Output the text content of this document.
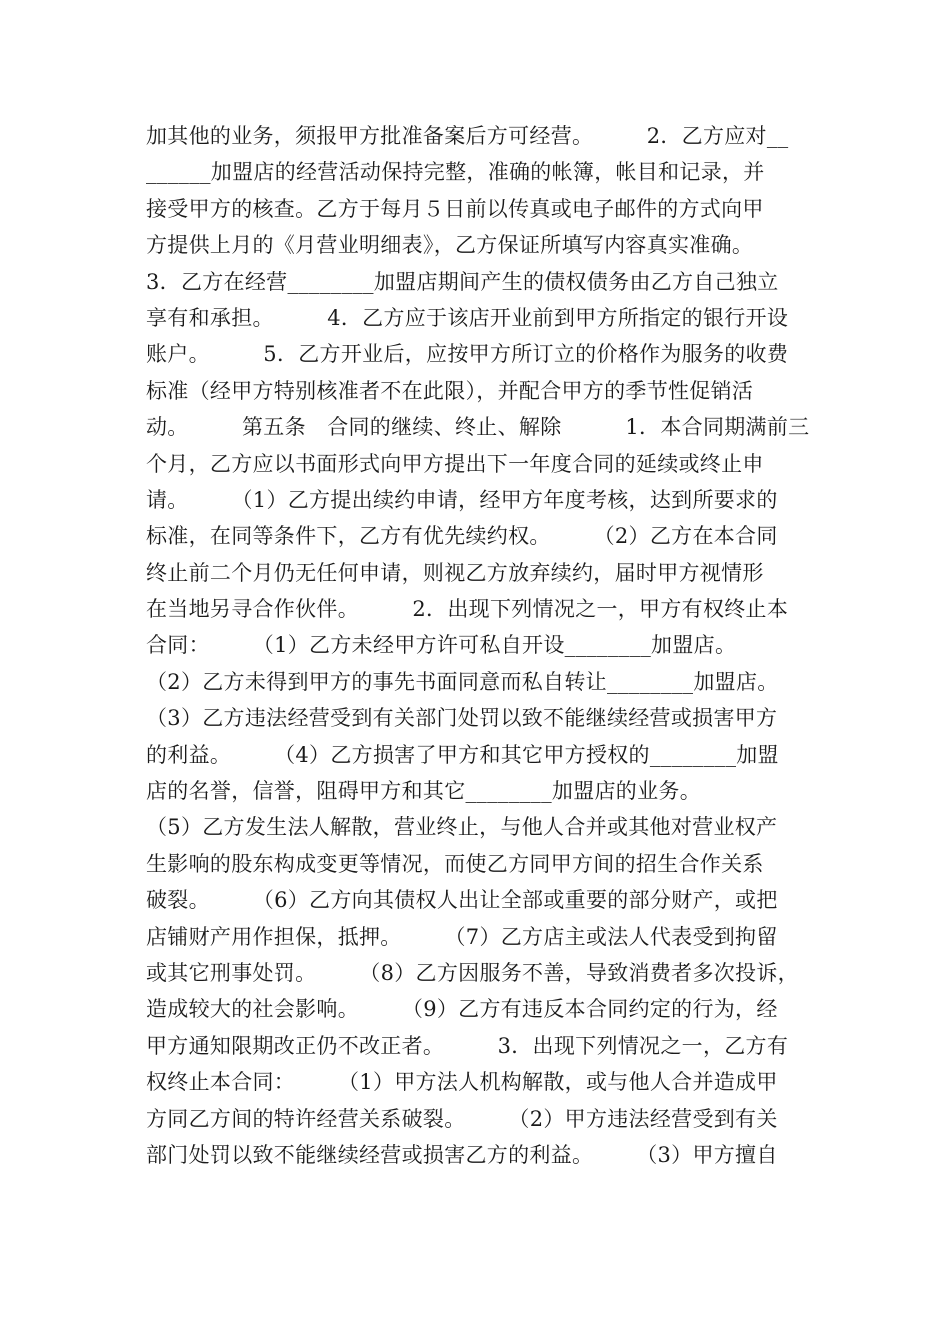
加其他的业务，须报甲方批准备案后方可经营。　　　2．乙方应对__
______加盟店的经营活动保持完整，准确的帐簿，帐目和记录，并
接受甲方的核查。乙方于每月５日前以传真或电子邮件的方式向甲
方提供上月的《月营业明细表》，乙方保证所填写内容真实准确。
3．乙方在经营________加盟店期间产生的债权债务由乙方自己独立
享有和承担。　　　4．乙方应于该店开业前到甲方所指定的银行开设
账户。　　　5．乙方开业后，应按甲方所订立的价格作为服务的收费
标准（经甲方特别核准者不在此限），并配合甲方的季节性促销活
动。　　　第五条　合同的继续、终止、解除　　　1．本合同期满前三
个月，乙方应以书面形式向甲方提出下一年度合同的延续或终止申
请。　　　（1）乙方提出续约申请，经甲方年度考核，达到所要求的
标准，在同等条件下，乙方有优先续约权。　　　（2）乙方在本合同
终止前二个月仍无任何申请，则视乙方放弃续约，届时甲方视情形
在当地另寻合作伙伴。　　　2．出现下列情况之一，甲方有权终止本
合同：　　　（1）乙方未经甲方许可私自开设________加盟店。
（2）乙方未得到甲方的事先书面同意而私自转让________加盟店。
（3）乙方违法经营受到有关部门处罚以致不能继续经营或损害甲方
的利益。　　　（4）乙方损害了甲方和其它甲方授权的________加盟
店的名誉，信誉，阻碍甲方和其它________加盟店的业务。
（5）乙方发生法人解散，营业终止，与他人合并或其他对营业权产
生影响的股东构成变更等情况，而使乙方同甲方间的招生合作关系
破裂。　　　（6）乙方向其债权人出让全部或重要的部分财产，或把
店铺财产用作担保，抵押。　　　（7）乙方店主或法人代表受到拘留
或其它刑事处罚。　　　（8）乙方因服务不善，导致消费者多次投诉，
造成较大的社会影响。　　　（9）乙方有违反本合同约定的行为，经
甲方通知限期改正仍不改正者。　　　3．出现下列情况之一，乙方有
权终止本合同：　　　（1）甲方法人机构解散，或与他人合并造成甲
方同乙方间的特许经营关系破裂。　　　（2）甲方违法经营受到有关
部门处罚以致不能继续经营或损害乙方的利益。　　　（3）甲方擅自
